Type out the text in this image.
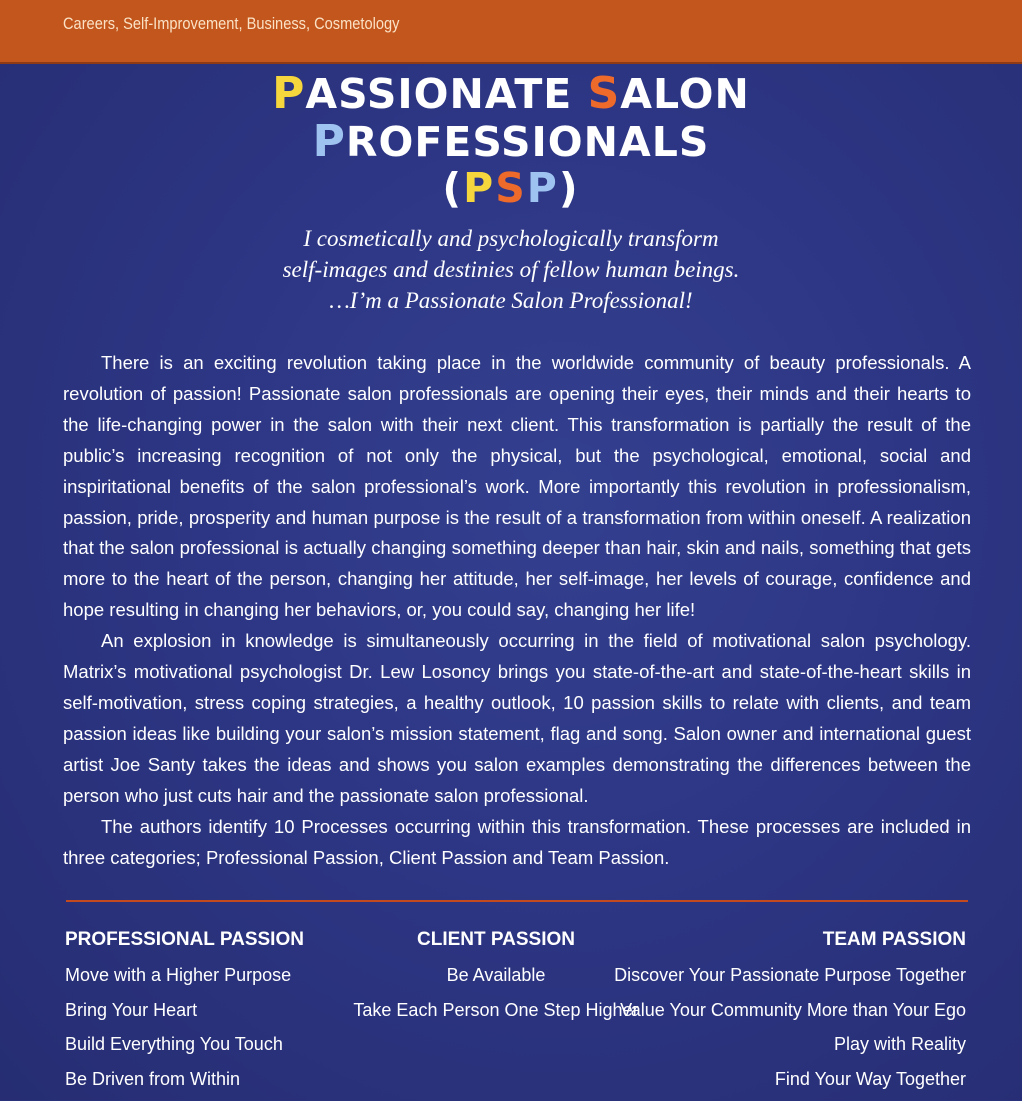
Careers, Self-Improvement, Business, Cosmetology
PASSIONATE SALON
PROFESSIONALS
(PSP)
I cosmetically and psychologically transform
self-images and destinies of fellow human beings.
…I’m a Passionate Salon Professional!

There is an exciting revolution taking place in the worldwide community of beauty professionals. A revolution of passion! Passionate salon professionals are opening their eyes, their minds and their hearts to the life-changing power in the salon with their next client. This transformation is partially the result of the public’s increasing recognition of not only the physical, but the psychological, emotional, social and inspiritational benefits of the salon professional’s work. More importantly this revolution in professionalism, passion, pride, prosperity and human purpose is the result of a transformation from within oneself. A realization that the salon professional is actually changing something deeper than hair, skin and nails, something that gets more to the heart of the person, changing her attitude, her self-image, her levels of courage, confidence and hope resulting in changing her behaviors, or, you could say, changing her life!

An explosion in knowledge is simultaneously occurring in the field of motivational salon psychology. Matrix’s motivational psychologist Dr. Lew Losoncy brings you state-of-the-art and state-of-the-heart skills in self-motivation, stress coping strategies, a healthy outlook, 10 passion skills to relate with clients, and team passion ideas like building your salon’s mission statement, flag and song. Salon owner and international guest artist Joe Santy takes the ideas and shows you salon examples demonstrating the differences between the person who just cuts hair and the passionate salon professional.

The authors identify 10 Processes occurring within this transformation. These processes are included in three categories; Professional Passion, Client Passion and Team Passion.

PROFESSIONAL PASSION
Move with a Higher Purpose
Bring Your Heart
Build Everything You Touch
Be Driven from Within
CLIENT PASSION
Be Available
Take Each Person One Step Higher
TEAM PASSION
Discover Your Passionate Purpose Together
Value Your Community More than Your Ego
Play with Reality
Find Your Way Together
